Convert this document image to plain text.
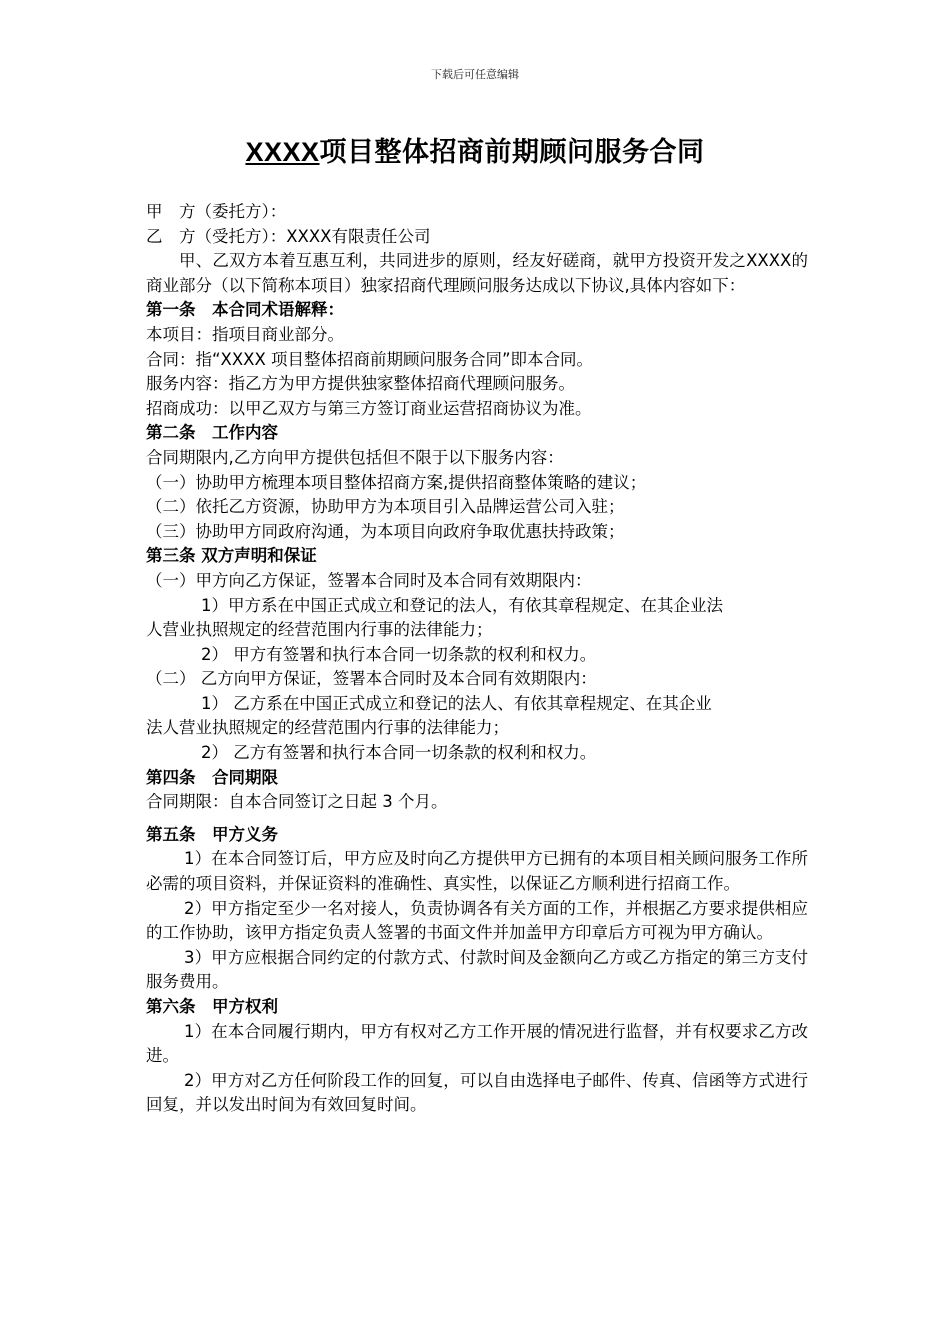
下载后可任意编辑
XXXX项目整体招商前期顾问服务合同
甲　方（委托方）：
乙　方（受托方）：XXXX有限责任公司
甲、乙双方本着互惠互利，共同进步的原则，经友好磋商，就甲方投资开发之XXXX的商业部分（以下简称本项目）独家招商代理顾问服务达成以下协议,具体内容如下：
第一条　本合同术语解释：
本项目：指项目商业部分。
合同：指“XXXX 项目整体招商前期顾问服务合同”即本合同。
服务内容：指乙方为甲方提供独家整体招商代理顾问服务。
招商成功：以甲乙双方与第三方签订商业运营招商协议为准。
第二条　工作内容
合同期限内,乙方向甲方提供包括但不限于以下服务内容：
（一）协助甲方梳理本项目整体招商方案,提供招商整体策略的建议；
（二）依托乙方资源，协助甲方为本项目引入品牌运营公司入驻；
（三）协助甲方同政府沟通，为本项目向政府争取优惠扶持政策；
第三条 双方声明和保证
（一）甲方向乙方保证，签署本合同时及本合同有效期限内：
1）甲方系在中国正式成立和登记的法人，有依其章程规定、在其企业法
人营业执照规定的经营范围内行事的法律能力；
2） 甲方有签署和执行本合同一切条款的权利和权力。
（二） 乙方向甲方保证，签署本合同时及本合同有效期限内：
1） 乙方系在中国正式成立和登记的法人、有依其章程规定、在其企业
法人营业执照规定的经营范围内行事的法律能力；
2） 乙方有签署和执行本合同一切条款的权利和权力。
第四条　合同期限
合同期限：自本合同签订之日起 3 个月。
第五条　甲方义务
1）在本合同签订后，甲方应及时向乙方提供甲方已拥有的本项目相关顾问服务工作所必需的项目资料，并保证资料的准确性、真实性，以保证乙方顺利进行招商工作。
2）甲方指定至少一名对接人，负责协调各有关方面的工作，并根据乙方要求提供相应的工作协助，该甲方指定负责人签署的书面文件并加盖甲方印章后方可视为甲方确认。
3）甲方应根据合同约定的付款方式、付款时间及金额向乙方或乙方指定的第三方支付服务费用。
第六条　甲方权利
1）在本合同履行期内，甲方有权对乙方工作开展的情况进行监督，并有权要求乙方改进。
2）甲方对乙方任何阶段工作的回复，可以自由选择电子邮件、传真、信函等方式进行回复，并以发出时间为有效回复时间。
